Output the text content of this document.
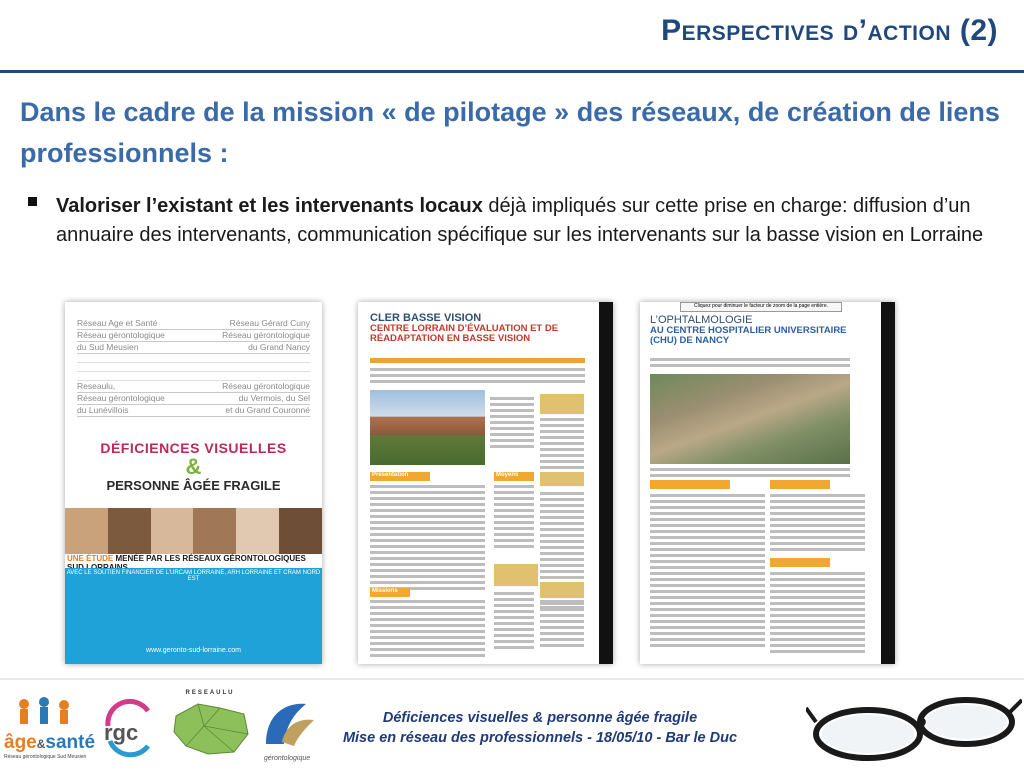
Perspectives d’action (2)
Dans le cadre de la mission « de pilotage » des réseaux, de création de liens professionnels :

Valoriser l’existant et les intervenants locaux déjà impliqués sur cette prise en charge: diffusion d’un annuaire des intervenants, communication spécifique sur les intervenants sur la basse vision en Lorraine

Réseau Age et Santé	Réseau Gérard Cuny
Réseau gérontologique	Réseau gérontologique
du Sud Meusien	du Grand Nancy
Reseaulu,	Réseau gérontologique
Réseau gérontologique	du Vermois, du Sel
du Lunévillois	et du Grand Couronné
DÉFICIENCES VISUELLES
&
PERSONNE ÂGÉE FRAGILE
UNE ÉTUDE MENÉE PAR LES RÉSEAUX GÉRONTOLOGIQUES
AVEC LE SOUTIEN FINANCIER DE L’URCAM LORRAINE, ARH LORRAINE ET CRAM NORD EST
www.geronto-sud-lorraine.com
CLER BASSE VISION
CENTRE LORRAIN D’ÉVALUATION ET DE RÉADAPTATION EN BASSE VISION
Présentation	Moyens
Missions
Cliquez pour diminuer le facteur de zoom de la page entière.
L’OPHTALMOLOGIE
AU CENTRE HOSPITALIER UNIVERSITAIRE (CHU) DE NANCY
âge&santé
Réseau gérontologique Sud Meusien
rgc
RESEAULU
gérontologique
Déficiences visuelles & personne âgée fragile
Mise en réseau des professionnels - 18/05/10 - Bar le Duc
